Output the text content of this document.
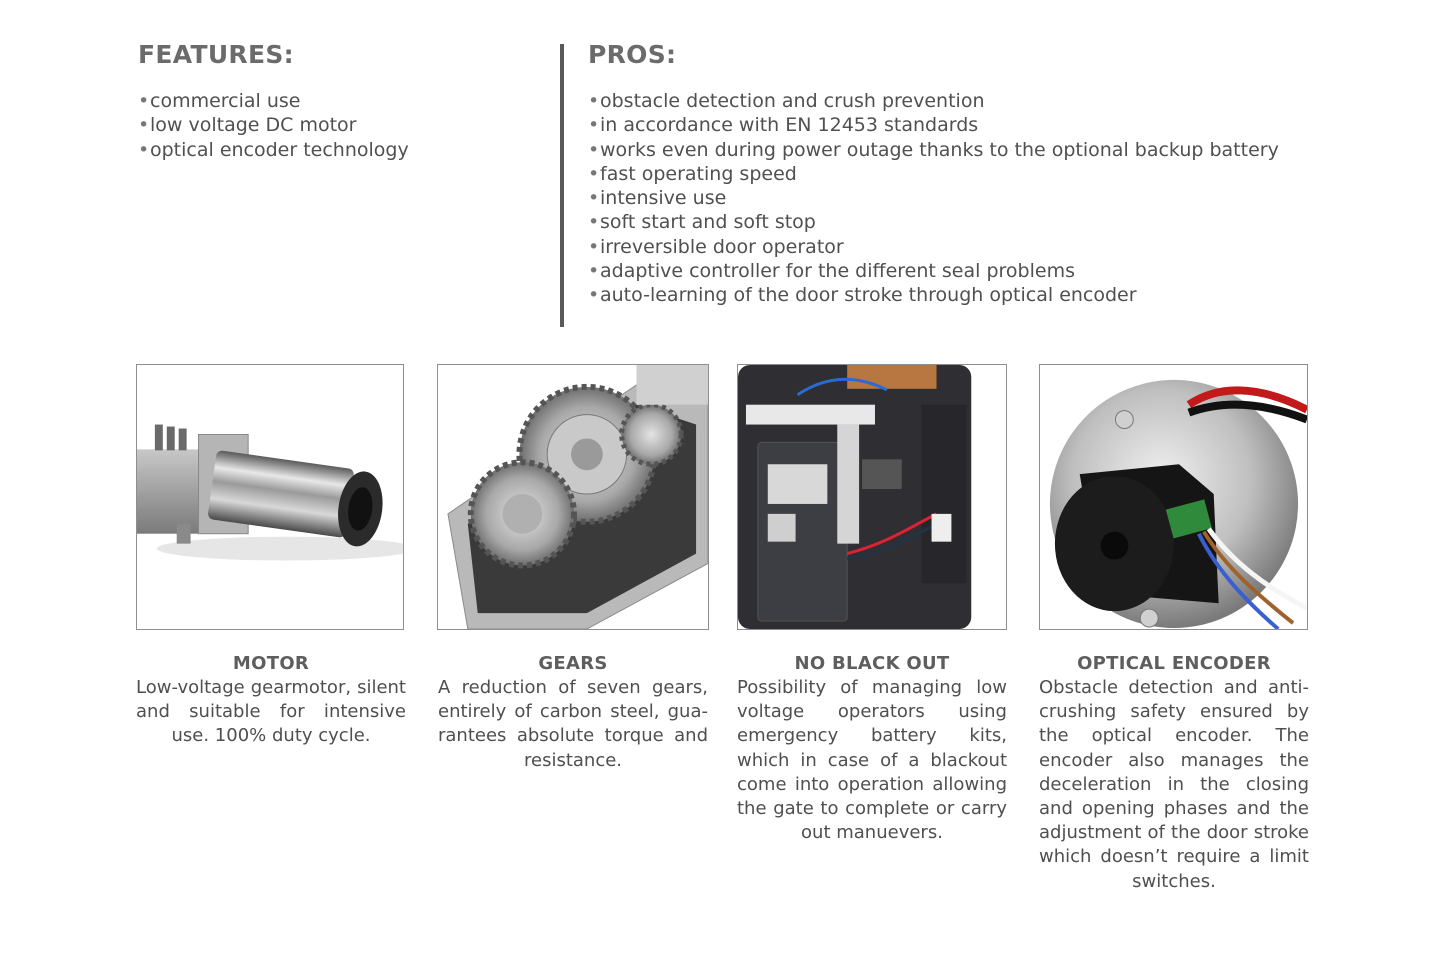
FEATURES:
•commercial use
•low voltage DC motor
•optical encoder technology
PROS:
•obstacle detection and crush prevention
•in accordance with EN 12453 standards
•works even during power outage thanks to the optional backup battery
•fast operating speed
•intensive use
•soft start and soft stop
•irreversible door operator
•adaptive controller for the different seal problems
•auto-learning of the door stroke through optical encoder
MOTOR
Low-voltage gearmotor, silent and suitable for intensive use. 100% duty cycle.
GEARS
A reduction of seven gears, entirely of carbon steel, guarantees absolute torque and resistance.
NO BLACK OUT
Possibility of managing low voltage operators using emergency battery kits, which in case of a blackout come into operation allowing the gate to complete or carry out manuevers.
OPTICAL ENCODER
Obstacle detection and anti-crushing safety ensured by the optical encoder. The encoder also manages the deceleration in the closing and opening phases and the adjustment of the door stroke which doesn’t require a limit switches.
